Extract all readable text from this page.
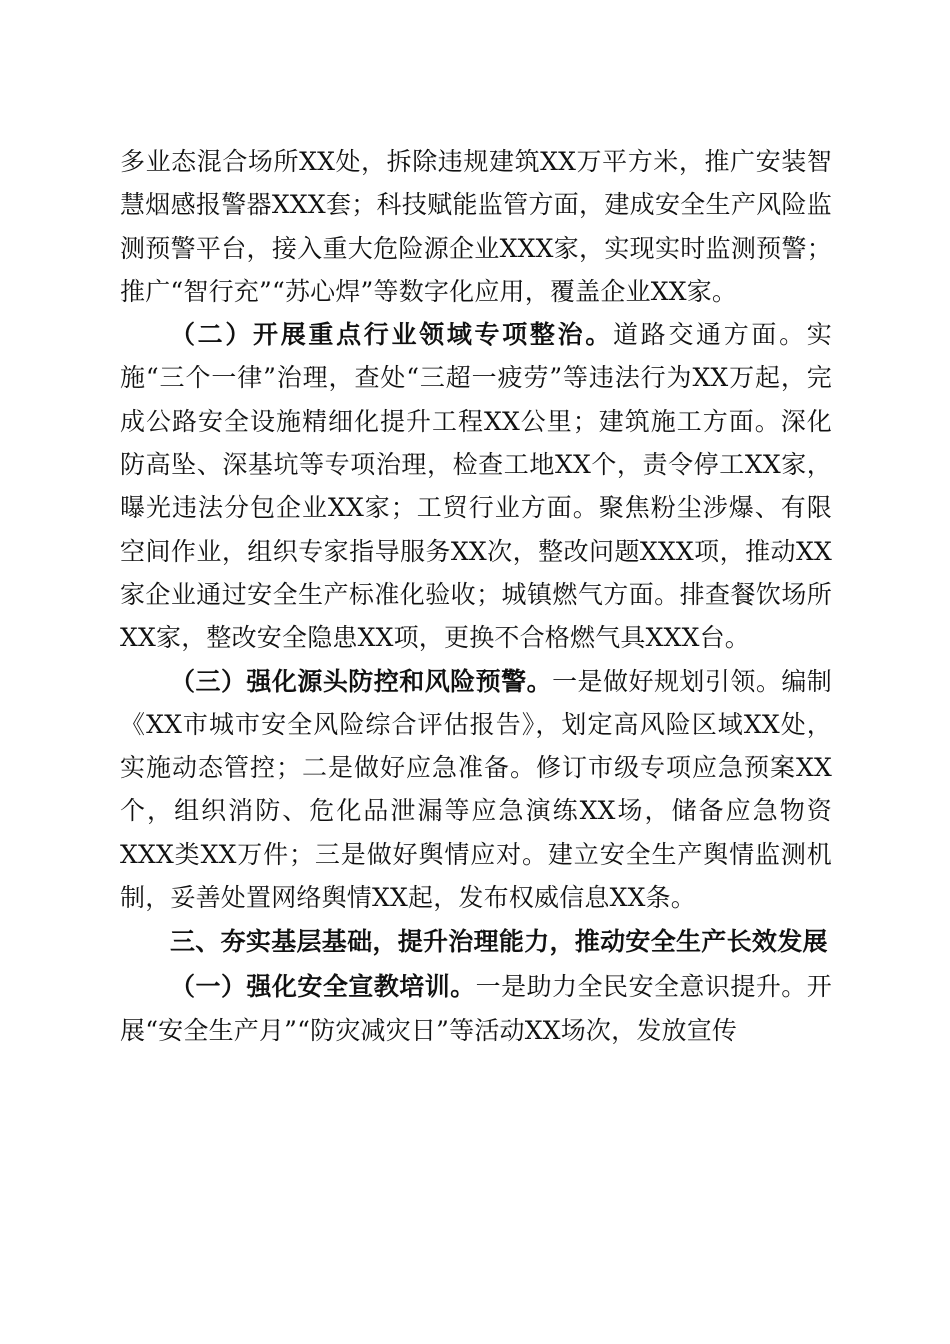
多业态混合场所XX处，拆除违规建筑XX万平方米，推广安装智慧烟感报警器XXX套；科技赋能监管方面，建成安全生产风险监测预警平台，接入重大危险源企业XXX家，实现实时监测预警；推广“智行充”“苏心焊”等数字化应用，覆盖企业XX家。

（二）开展重点行业领域专项整治。道路交通方面。实施“三个一律”治理，查处“三超一疲劳”等违法行为XX万起，完成公路安全设施精细化提升工程XX公里；建筑施工方面。深化防高坠、深基坑等专项治理，检查工地XX个，责令停工XX家，曝光违法分包企业XX家；工贸行业方面。聚焦粉尘涉爆、有限空间作业，组织专家指导服务XX次，整改问题XXX项，推动XX家企业通过安全生产标准化验收；城镇燃气方面。排查餐饮场所XX家，整改安全隐患XX项，更换不合格燃气具XXX台。

（三）强化源头防控和风险预警。一是做好规划引领。编制《XX市城市安全风险综合评估报告》，划定高风险区域XX处，实施动态管控；二是做好应急准备。修订市级专项应急预案XX个，组织消防、危化品泄漏等应急演练XX场，储备应急物资XXX类XX万件；三是做好舆情应对。建立安全生产舆情监测机制，妥善处置网络舆情XX起，发布权威信息XX条。

三、夯实基层基础，提升治理能力，推动安全生产长效发展

（一）强化安全宣教培训。一是助力全民安全意识提升。开展“安全生产月”“防灾减灾日”等活动XX场次，发放宣传
